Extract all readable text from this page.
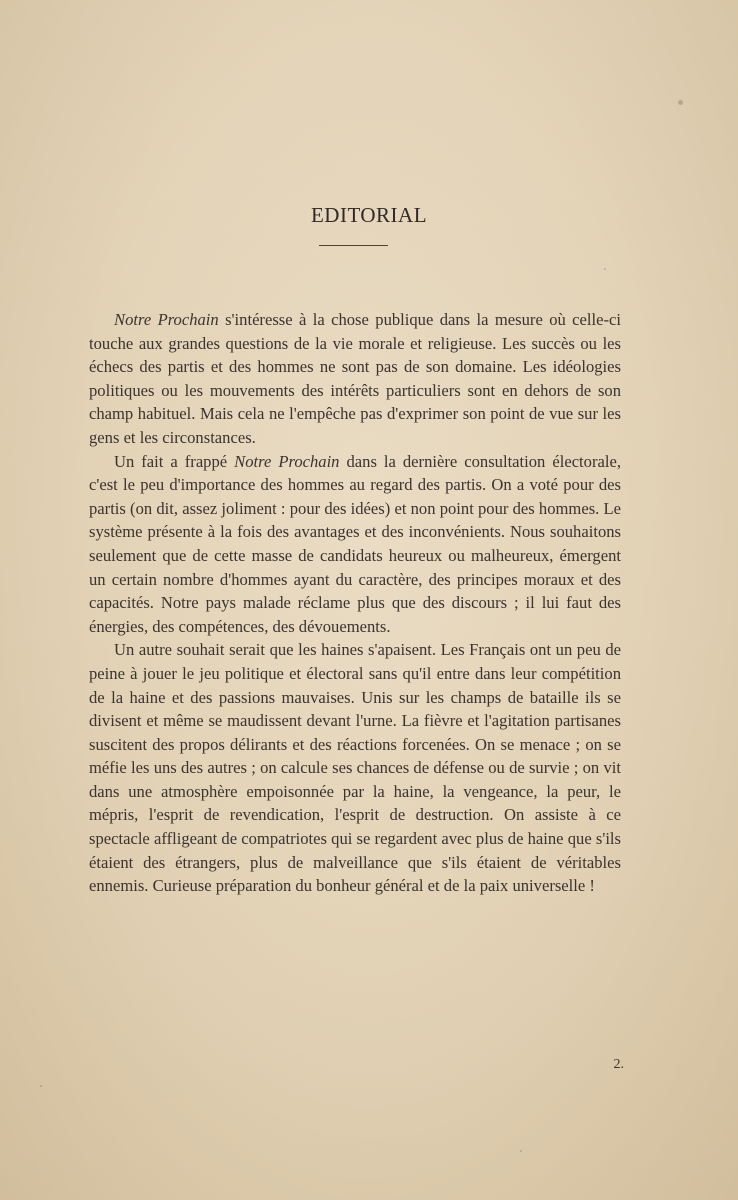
EDITORIAL

Notre Prochain s'intéresse à la chose publique dans la mesure où celle-ci touche aux grandes questions de la vie morale et religieuse. Les succès ou les échecs des partis et des hommes ne sont pas de son domaine. Les idéologies politiques ou les mouvements des intérêts particuliers sont en dehors de son champ habituel. Mais cela ne l'empêche pas d'exprimer son point de vue sur les gens et les circonstances.

Un fait a frappé Notre Prochain dans la dernière consultation électorale, c'est le peu d'importance des hommes au regard des partis. On a voté pour des partis (on dit, assez joliment : pour des idées) et non point pour des hommes. Le système présente à la fois des avantages et des inconvénients. Nous souhaitons seulement que de cette masse de candidats heureux ou malheureux, émergent un certain nombre d'hommes ayant du caractère, des principes moraux et des capacités. Notre pays malade réclame plus que des discours ; il lui faut des énergies, des compétences, des dévouements.

Un autre souhait serait que les haines s'apaisent. Les Français ont un peu de peine à jouer le jeu politique et électoral sans qu'il entre dans leur compétition de la haine et des passions mauvaises. Unis sur les champs de bataille ils se divisent et même se maudissent devant l'urne. La fièvre et l'agitation partisanes suscitent des propos délirants et des réactions forcenées. On se menace ; on se méfie les uns des autres ; on calcule ses chances de défense ou de survie ; on vit dans une atmosphère empoisonnée par la haine, la vengeance, la peur, le mépris, l'esprit de revendication, l'esprit de destruction. On assiste à ce spectacle affligeant de compatriotes qui se regardent avec plus de haine que s'ils étaient des étrangers, plus de malveillance que s'ils étaient de véritables ennemis. Curieuse préparation du bonheur général et de la paix universelle !

2.
